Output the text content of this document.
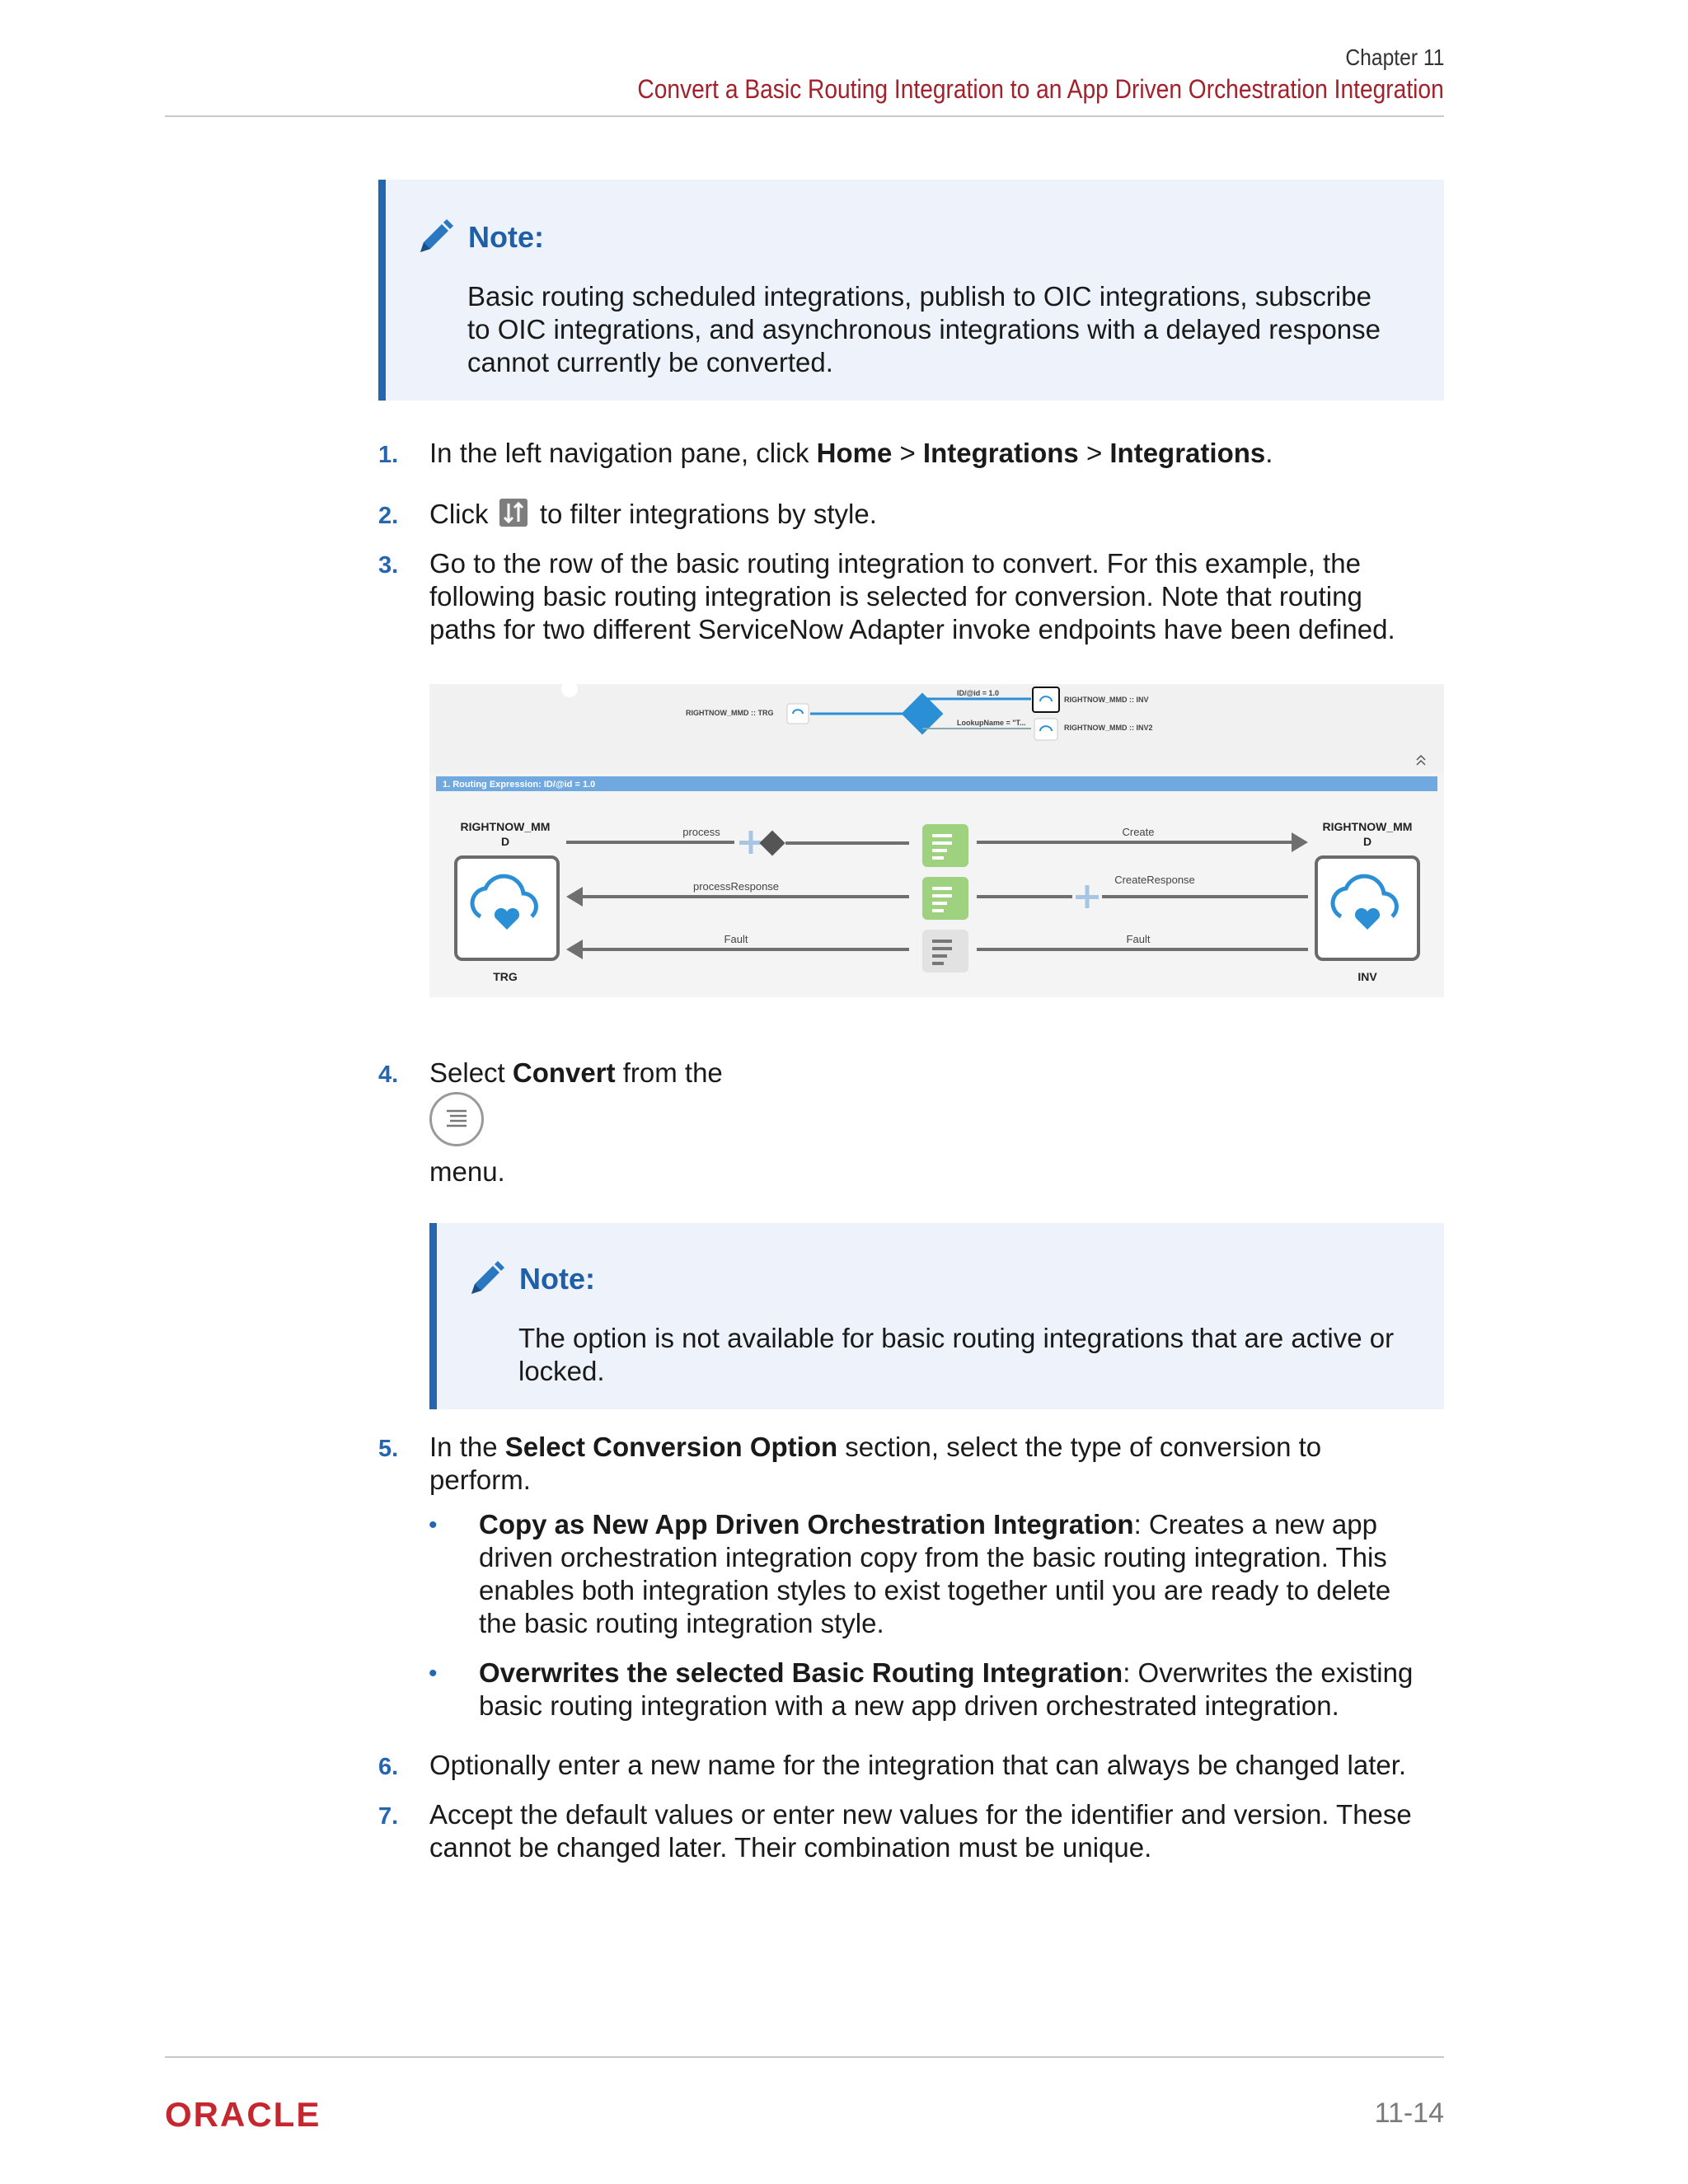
Chapter 11
Convert a Basic Routing Integration to an App Driven Orchestration Integration
Note:
Basic routing scheduled integrations, publish to OIC integrations, subscribe
to OIC integrations, and asynchronous integrations with a delayed response
cannot currently be converted.
1. In the left navigation pane, click Home > Integrations > Integrations.
2. Click to filter integrations by style.
3. Go to the row of the basic routing integration to convert. For this example, the
following basic routing integration is selected for conversion. Note that routing
paths for two different ServiceNow Adapter invoke endpoints have been defined.
RIGHTNOW_MMD :: TRG
ID/@id = 1.0
LookupName = "T...
RIGHTNOW_MMD :: INV
RIGHTNOW_MMD :: INV2
1. Routing Expression: ID/@id = 1.0
RIGHTNOW_MM
D
TRG
RIGHTNOW_MM
D
INV
process
processResponse
Fault
Create
CreateResponse
Fault
4. Select Convert from the
menu.
Note:
The option is not available for basic routing integrations that are active or
locked.
5. In the Select Conversion Option section, select the type of conversion to
perform.
• Copy as New App Driven Orchestration Integration: Creates a new app
driven orchestration integration copy from the basic routing integration. This
enables both integration styles to exist together until you are ready to delete
the basic routing integration style.
• Overwrites the selected Basic Routing Integration: Overwrites the existing
basic routing integration with a new app driven orchestrated integration.
6. Optionally enter a new name for the integration that can always be changed later.
7. Accept the default values or enter new values for the identifier and version. These
cannot be changed later. Their combination must be unique.
ORACLE	11-14
